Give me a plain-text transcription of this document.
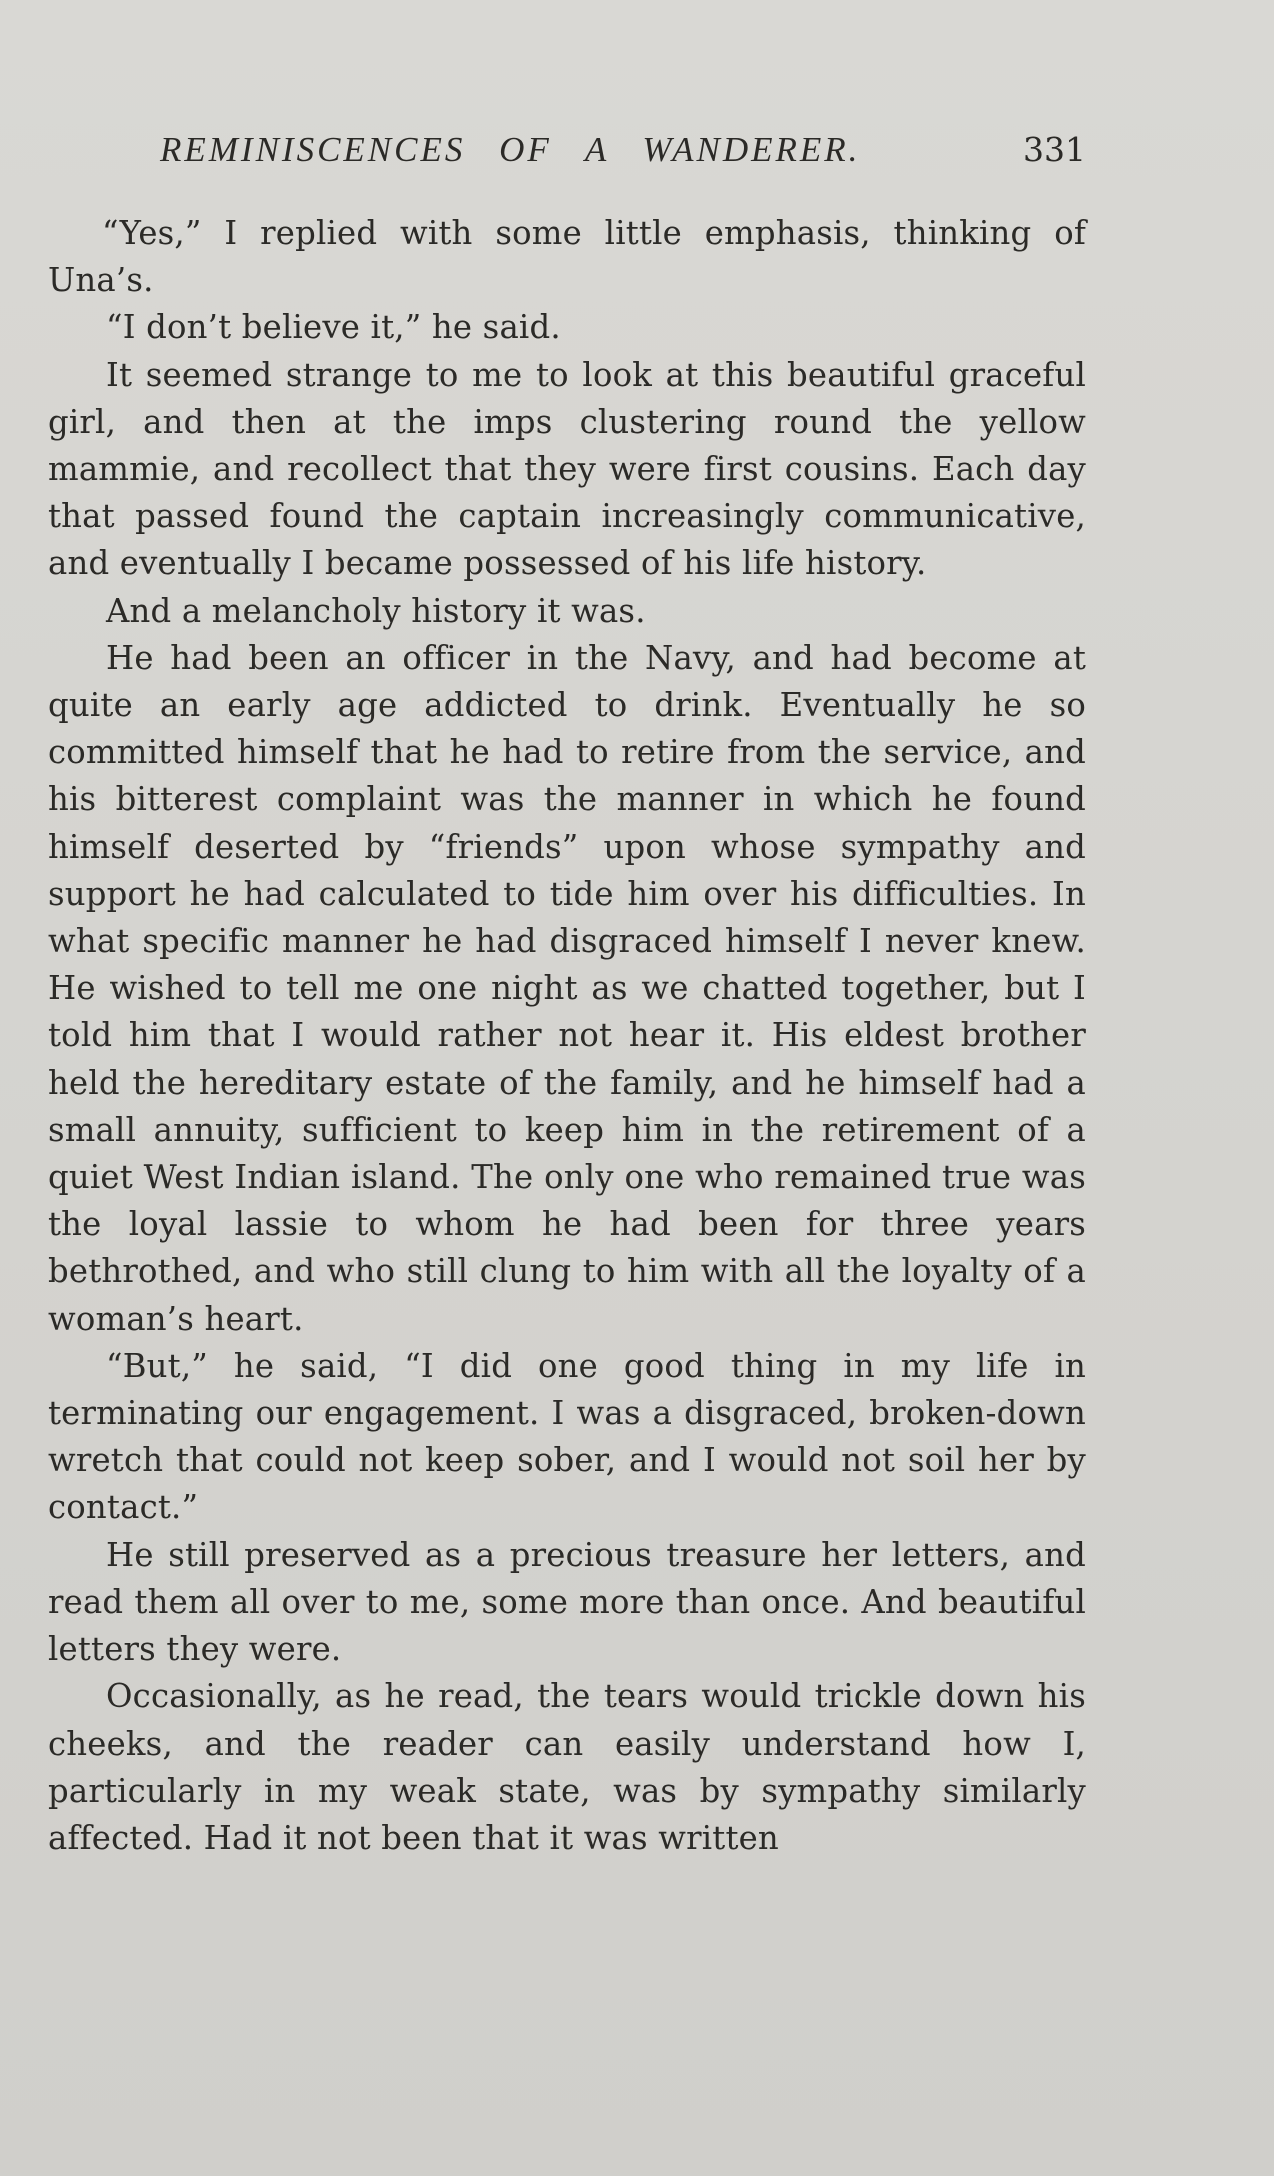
REMINISCENCES OF A WANDERER.	331

“Yes,” I replied with some little emphasis, thinking of Una’s.

“I don’t believe it,” he said.

It seemed strange to me to look at this beautiful graceful girl, and then at the imps clustering round the yellow mammie, and recollect that they were first cousins. Each day that passed found the captain increasingly communicative, and eventually I became possessed of his life history.

And a melancholy history it was.

He had been an officer in the Navy, and had become at quite an early age addicted to drink. Eventually he so committed himself that he had to retire from the service, and his bitterest complaint was the manner in which he found himself deserted by “friends” upon whose sympathy and support he had calculated to tide him over his difficulties. In what specific manner he had disgraced himself I never knew. He wished to tell me one night as we chatted together, but I told him that I would rather not hear it. His eldest brother held the hereditary estate of the family, and he himself had a small annuity, sufficient to keep him in the retirement of a quiet West Indian island. The only one who remained true was the loyal lassie to whom he had been for three years bethrothed, and who still clung to him with all the loyalty of a woman’s heart.

“But,” he said, “I did one good thing in my life in terminating our engagement. I was a disgraced, broken-down wretch that could not keep sober, and I would not soil her by contact.”

He still preserved as a precious treasure her letters, and read them all over to me, some more than once. And beautiful letters they were.

Occasionally, as he read, the tears would trickle down his cheeks, and the reader can easily understand how I, particularly in my weak state, was by sympathy similarly affected. Had it not been that it was written
